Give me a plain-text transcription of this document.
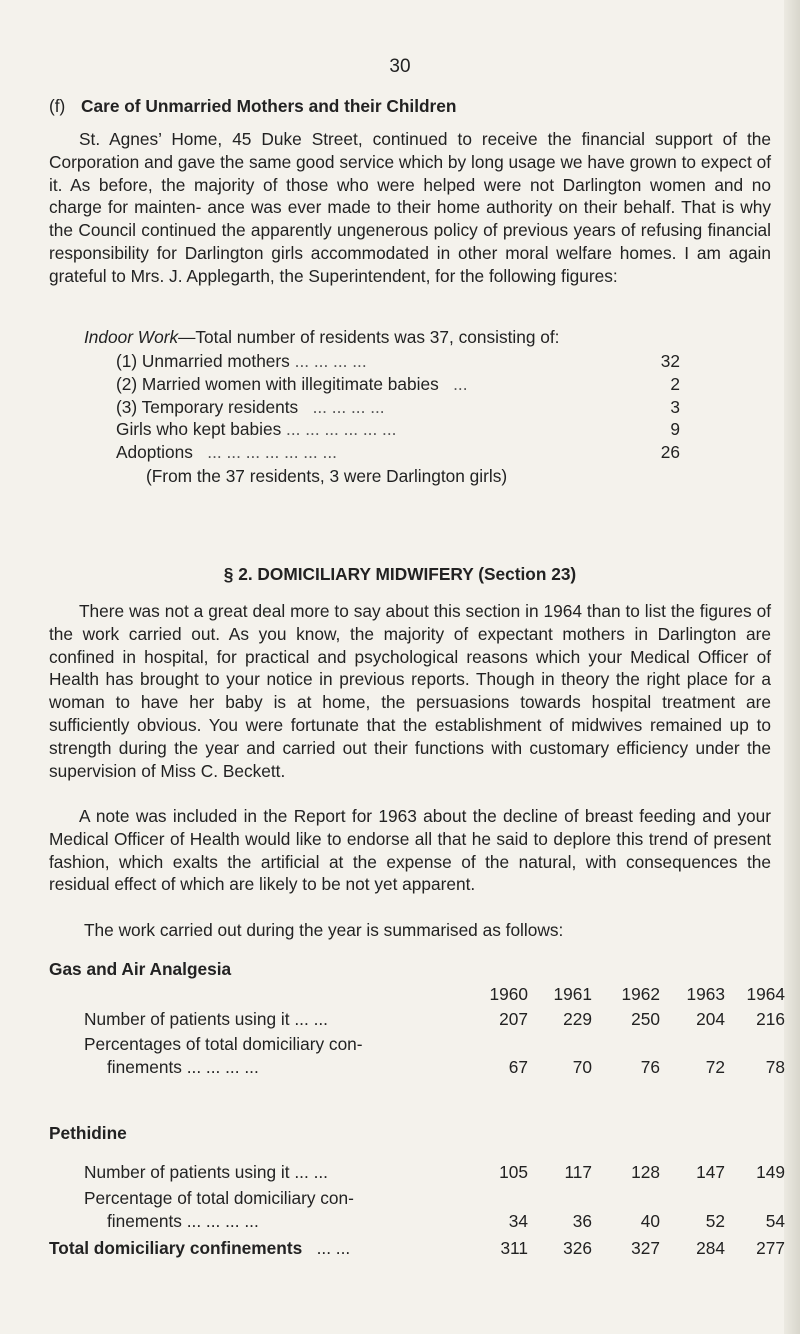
30
(f) Care of Unmarried Mothers and their Children
St. Agnes’ Home, 45 Duke Street, continued to receive the financial support of the Corporation and gave the same good service which by long usage we have grown to expect of it. As before, the majority of those who were helped were not Darlington women and no charge for mainten- ance was ever made to their home authority on their behalf. That is why the Council continued the apparently ungenerous policy of previous years of refusing financial responsibility for Darlington girls accommodated in other moral welfare homes. I am again grateful to Mrs. J. Applegarth, the Superintendent, for the following figures:
Indoor Work—Total number of residents was 37, consisting of:
(1) Unmarried mothers ... ... ... ...	32
(2) Married women with illegitimate babies ...	2
(3) Temporary residents ... ... ... ...	3
Girls who kept babies ... ... ... ... ... ...	9
Adoptions ... ... ... ... ... ... ...	26
(From the 37 residents, 3 were Darlington girls)
§ 2. DOMICILIARY MIDWIFERY (Section 23)
There was not a great deal more to say about this section in 1964 than to list the figures of the work carried out. As you know, the majority of expectant mothers in Darlington are confined in hospital, for practical and psychological reasons which your Medical Officer of Health has brought to your notice in previous reports. Though in theory the right place for a woman to have her baby is at home, the persuasions towards hospital treatment are sufficiently obvious. You were fortunate that the establishment of midwives remained up to strength during the year and carried out their functions with customary efficiency under the supervision of Miss C. Beckett.
A note was included in the Report for 1963 about the decline of breast feeding and your Medical Officer of Health would like to endorse all that he said to deplore this trend of present fashion, which exalts the artificial at the expense of the natural, with consequences the residual effect of which are likely to be not yet apparent.
The work carried out during the year is summarised as follows:
Gas and Air Analgesia
1960	1961	1962	1963	1964
Number of patients using it ... ...	207	229	250	204	216
Percentages of total domiciliary con-
finements ... ... ... ...	67	70	76	72	78
Pethidine
Number of patients using it ... ...	105	117	128	147	149
Percentage of total domiciliary con-
finements ... ... ... ...	34	36	40	52	54
Total domiciliary confinements ... ...	311	326	327	284	277
